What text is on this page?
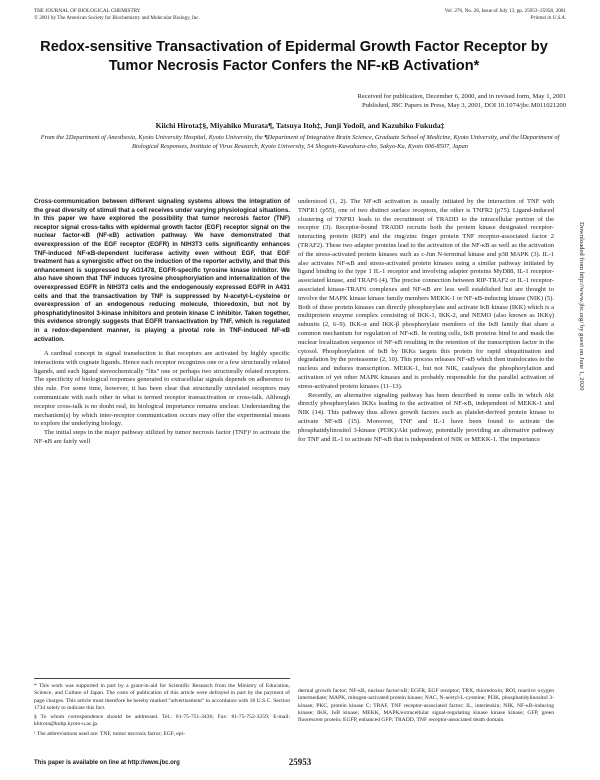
THE JOURNAL OF BIOLOGICAL CHEMISTRY
© 2001 by The American Society for Biochemistry and Molecular Biology, Inc.
Vol. 276, No. 28, Issue of July 13, pp. 25953–25958, 2001
Printed in U.S.A.
Redox-sensitive Transactivation of Epidermal Growth Factor Receptor by Tumor Necrosis Factor Confers the NF-κB Activation*
Received for publication, December 6, 2000, and in revised form, May 1, 2001
Published, JBC Papers in Press, May 3, 2001, DOI 10.1074/jbc.M011021200
Kiichi Hirota‡§, Miyahiko Murata¶, Tatsuya Itoh‡, Junji Yodoi‖, and Kazuhiko Fukuda‡
From the ‡Department of Anesthesia, Kyoto University Hospital, Kyoto University, the ¶Department of Integrative Brain Science, Graduate School of Medicine, Kyoto University, and the ‖Department of Biological Responses, Institute of Virus Research, Kyoto University, 54 Shogoin-Kawahara-cho, Sakyo-Ku, Kyoto 606-8507, Japan

Cross-communication between different signaling systems allows the integration of the great diversity of stimuli that a cell receives under varying physiological situations. In this paper we have explored the possibility that tumor necrosis factor (TNF) receptor signal cross-talks with epidermal growth factor (EGF) receptor signal on the nuclear factor-κB (NF-κB) activation pathway. We have demonstrated that overexpression of the EGF receptor (EGFR) in NIH3T3 cells significantly enhances TNF-induced NF-κB-dependent luciferase activity even without EGF, that EGF treatment has a synergistic effect on the induction of the reporter activity, and that this enhancement is suppressed by AG1478, EGFR-specific tyrosine kinase inhibitor. We also have shown that TNF induces tyrosine phosphorylation and internalization of the overexpressed EGFR in NIH3T3 cells and the endogenously expressed EGFR in A431 cells and that the transactivation by TNF is suppressed by N-acetyl-L-cysteine or overexpression of an endogenous reducing molecule, thioredoxin, but not by phosphatidylinositol 3-kinase inhibitors and protein kinase C inhibitor. Taken together, this evidence strongly suggests that EGFR transactivation by TNF, which is regulated in a redox-dependent manner, is playing a pivotal role in TNF-induced NF-κB activation.

A cardinal concept in signal transduction is that receptors are activated by highly specific interactions with cognate ligands. Hence each receptor recognizes one or a few structurally related ligands, and each ligand stereochemically "fits" one or perhaps two structurally related receptors. The specificity of biological responses generated to extracellular signals depends on adherence to this rule. For some time, however, it has been clear that structurally unrelated receptors may communicate with each other in what is termed receptor transactivation or cross-talk. Although receptor cross-talk is no doubt real, its biological importance remains unclear. Understanding the mechanism(s) by which inter-receptor communication occurs may offer the experimental means to explore the underlying biology.

The initial steps in the major pathway utilized by tumor necrosis factor (TNF)¹ to activate the NF-κB are fairly well

understood (1, 2). The NF-κB activation is usually initiated by the interaction of TNF with TNFR1 (p55), one of two distinct surface receptors, the other is TNFR2 (p75). Ligand-induced clustering of TNFR1 leads to the recruitment of TRADD to the intracellular portion of the receptor (3). Receptor-bound TRADD recruits both the protein kinase designated receptor-interacting protein (RIP) and the ring/zinc finger protein TNF receptor-associated factor 2 (TRAF2). These two adapter proteins lead to the activation of the NF-κB as well as the activation of the stress-activated protein kinases such as c-Jun N-terminal kinase and p38 MAPK (3). IL-1 also activates NF-κB and stress-activated protein kinases using a similar pathway initiated by ligand binding to the type 1 IL-1 receptor and involving adapter proteins MyD88, IL-1 receptor-associated kinase, and TRAF6 (4). The precise connection between RIP-TRAF2 or IL-1 receptor-associated kinase-TRAF6 complexes and NF-κB are less well established but are thought to involve the MAPK kinase kinase family members MEKK-1 or NF-κB-inducing kinase (NIK) (5). Both of these protein kinases can directly phosphorylate and activate IκB kinase (IKK) which is a multiprotein enzyme complex consisting of IKK-1, IKK-2, and NEMO (also known as IKKγ) subunits (2, 6–9). IKK-α and IKK-β phosphorylate members of the IκB family that share a common mechanism for regulation of NF-κB. In resting cells, IκB proteins bind to and mask the nuclear localization sequence of NF-κB resulting in the retention of the transcription factor in the cytosol. Phosphorylation of IκB by IKKs targets this protein for rapid ubiquitination and degradation by the proteasome (2, 10). This process releases NF-κB which then translocates to the nucleus and induces transcription. MEKK-1, but not NIK, catalyses the phosphorylation and activation of yet other MAPK kinases and is probably responsible for the parallel activation of stress-activated protein kinases (11–13).

Recently, an alternative signaling pathway has been described in some cells in which Akt directly phosphorylates IKKs leading to the activation of NF-κB, independent of MEKK-1 and NIK (14). This pathway thus allows growth factors such as platelet-derived protein kinase to activate NF-κB (15). Moreover, TNF and IL-1 have been found to activate the phosphatidylinositol 3-kinase (PI3K)/Akt pathway, potentially providing an alternative pathway for TNF and IL-1 to activate NF-κB that is independent of NIK or MEKK-1. The importance

* This work was supported in part by a grant-in-aid for Scientific Research from the Ministry of Education, Science, and Culture of Japan. The costs of publication of this article were defrayed in part by the payment of page charges. This article must therefore be hereby marked "advertisement" in accordance with 18 U.S.C. Section 1734 solely to indicate this fact.

§ To whom correspondence should be addressed. Tel.: 81-75-751-3436; Fax: 81-75-752-3259; E-mail: khirota@kuhp.kyoto-u.ac.jp.

¹ The abbreviations used are: TNF, tumor necrosis factor; EGF, epi-

dermal growth factor; NF-κB, nuclear factor-κB; EGFR, EGF receptor; TRX, thioredoxin; ROI, reactive oxygen intermediate; MAPK, mitogen-activated protein kinase; NAC, N-acetyl-L-cysteine; PI3K, phosphatidylinositol 3-kinase; PKC, protein kinase C; TRAF, TNF receptor-associated factor; IL, interleukin; NIK, NF-κB-inducing kinase; IKK, IκB kinase; MEKK, MAPK/extracellular signal-regulating kinase kinase kinase; GFP, green fluorescent protein; EGFP, enhanced GFP; TRADD, TNF receptor-associated death domain.
Downloaded from http://www.jbc.org/ by guest on June 1, 2020
This paper is available on line at http://www.jbc.org	25953
